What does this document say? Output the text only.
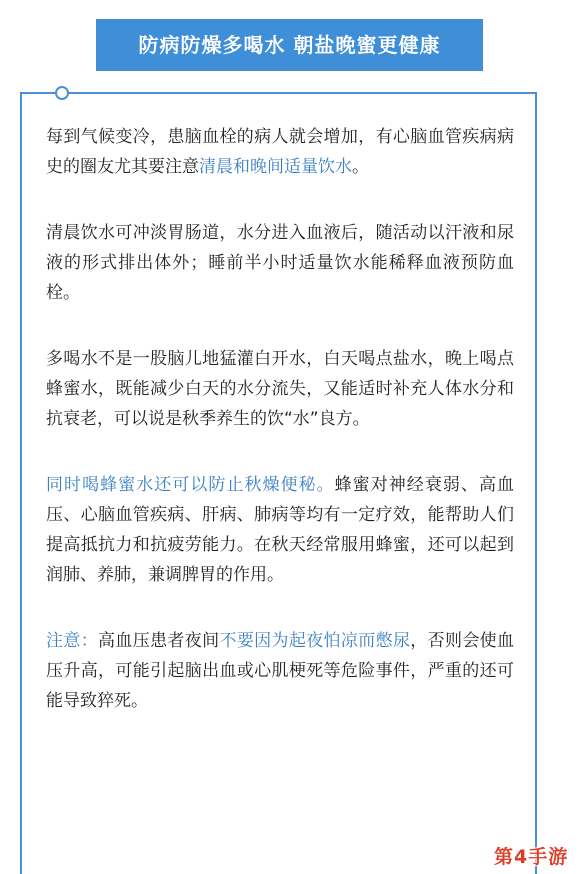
防病防燥多喝水 朝盐晚蜜更健康

每到气候变冷，患脑血栓的病人就会增加，有心脑血管疾病病史的圈友尤其要注意清晨和晚间适量饮水。

清晨饮水可冲淡胃肠道，水分进入血液后，随活动以汗液和尿液的形式排出体外；睡前半小时适量饮水能稀释血液预防血栓。

多喝水不是一股脑儿地猛灌白开水，白天喝点盐水，晚上喝点蜂蜜水，既能减少白天的水分流失，又能适时补充人体水分和抗衰老，可以说是秋季养生的饮“水”良方。

同时喝蜂蜜水还可以防止秋燥便秘。蜂蜜对神经衰弱、高血压、心脑血管疾病、肝病、肺病等均有一定疗效，能帮助人们提高抵抗力和抗疲劳能力。在秋天经常服用蜂蜜，还可以起到润肺、养肺，兼调脾胃的作用。

注意：高血压患者夜间不要因为起夜怕凉而憋尿，否则会使血压升高，可能引起脑出血或心肌梗死等危险事件，严重的还可能导致猝死。

第4手游
